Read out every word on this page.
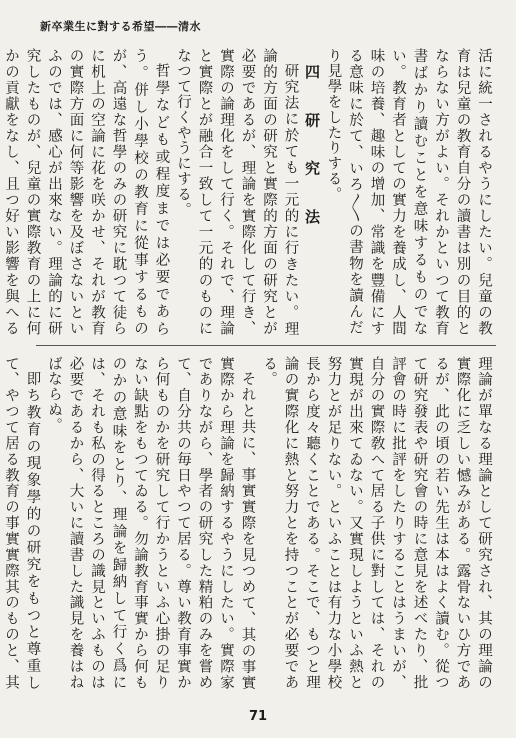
新卒業生に對する希望――清水

活に統一されるやうにしたい。兒童の教育は兒童の教育自分の讀書は別の目的とならない方がよい。それかといつて教育書ばかり讀むことを意味するものでない。教育者としての實力を養成し、人間味の培養、趣味の增加、常識を豐備にする意味に於て、いろ〳〵の書物を讀んだり見學をしたりする。

四 研 究 法

研究法に於ても一元的に行きたい。理論的方面の研究と實際的方面の研究とが必要であるが、理論を實際化して行き、實際の論理化をして行く。それで、理論と實際とが融合一致して一元的のものになつて行くやうにする。

哲學なども或程度までは必要であらう。併し小學校の教育に從事するものが、高遠な哲學のみの研究に耽つて徒らに机上の空論に花を咲かせ、それが教育の實際方面に何等影響を及ぼさないといふのでは、感心が出來ない。理論的に研究したものが、兒童の實際教育の上に何かの貢獻をなし、且つ好い影響を與へる

理論が單なる理論として研究され、其の理論の實際化に乏しい憾みがある。露骨ないひ方であるが、此の頃の若い先生は本はよく讀む。從つて研究發表や研究會の時に意見を述べたり、批評會の時に批評をしたりすることはうまいが、自分の實際敎へて居る子供に對しては、それの實現が出來てゐない。又實現しようといふ熱と努力とが足りない。といふことは有力な小學校長から度々聽くことである。そこで、もつと理論の實際化に熱と努力とを持つことが必要である。

それと共に、事實實際を見つめて、其の事實實際から理論を歸納するやうにしたい。實際家でありながら、學者の研究した精粕のみを嘗めて、自分共の毎日やつて居る。尊い教育事實から何ものかを研究して行かうといふ心掛の足りない缺點をもつてゐる。勿論教育事實から何ものかの意味をとり、理論を歸納して行く爲には、それも私の得るところの識見といふものは必要であるから、大いに讀書した識見を養はねばならぬ。

即ち教育の現象學的の研究をもつと尊重して、やつて居る教育の事實實際其のものと、其

71
